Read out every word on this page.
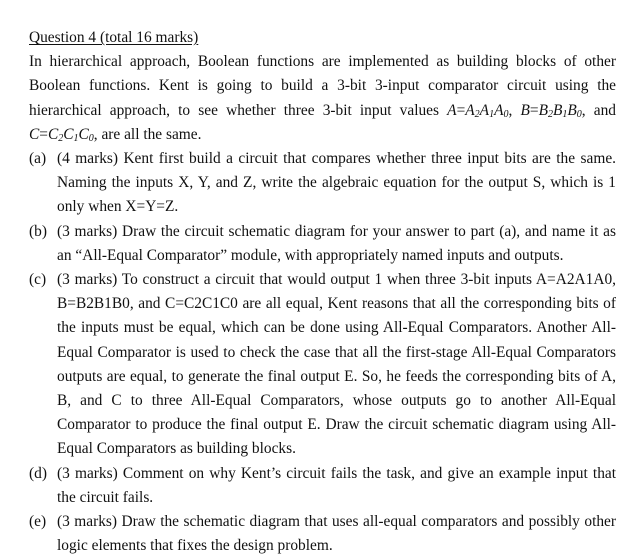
Question 4 (total 16 marks)

In hierarchical approach, Boolean functions are implemented as building blocks of other Boolean functions. Kent is going to build a 3-bit 3-input comparator circuit using the hierarchical approach, to see whether three 3-bit input values $A=A_2A_1A_0$, $B=B_2B_1B_0$, and $C=C_2C_1C_0$, are all the same.

(a) (4 marks) Kent first build a circuit that compares whether three input bits are the same. Naming the inputs X, Y, and Z, write the algebraic equation for the output S, which is 1 only when X=Y=Z.
(b) (3 marks) Draw the circuit schematic diagram for your answer to part (a), and name it as an “All-Equal Comparator” module, with appropriately named inputs and outputs.
(c) (3 marks) To construct a circuit that would output 1 when three 3-bit inputs A=A2A1A0, B=B2B1B0, and C=C2C1C0 are all equal, Kent reasons that all the corresponding bits of the inputs must be equal, which can be done using All-Equal Comparators. Another All-Equal Comparator is used to check the case that all the first-stage All-Equal Comparators outputs are equal, to generate the final output E. So, he feeds the corresponding bits of A, B, and C to three All-Equal Comparators, whose outputs go to another All-Equal Comparator to produce the final output E. Draw the circuit schematic diagram using All-Equal Comparators as building blocks.
(d) (3 marks) Comment on why Kent’s circuit fails the task, and give an example input that the circuit fails.
(e) (3 marks) Draw the schematic diagram that uses all-equal comparators and possibly other logic elements that fixes the design problem.
